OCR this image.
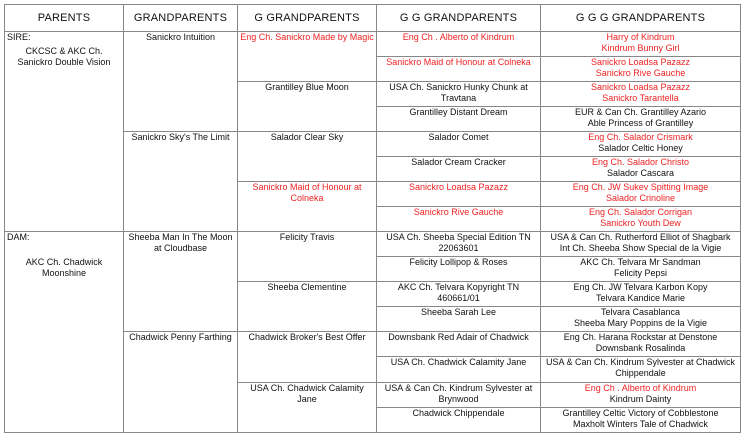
PARENTS	GRANDPARENTS	G GRANDPARENTS	G G GRANDPARENTS	G G G GRANDPARENTS

SIRE:
CKCSC & AKC Ch. Sanickro Double Vision	Sanickro Intuition	Eng Ch. Sanickro Made by Magic	Eng Ch . Alberto of Kindrum	Harry of Kindrum
Kindrum Bunny Girl

			Sanickro Maid of Honour at Colneka	Sanickro Loadsa Pazazz
Sanickro Rive Gauche

		Grantilley Blue Moon	USA Ch. Sanickro Hunky Chunk at Travtana	Sanickro Loadsa Pazazz
Sanickro Tarantella

			Grantilley Distant Dream	EUR & Can Ch. Grantilley Azario
Able Princess of Grantilley

	Sanickro Sky's The Limit	Salador Clear Sky	Salador Comet	Eng Ch. Salador Crismark
Salador Celtic Honey

			Salador Cream Cracker	Eng Ch. Salador Christo
Salador Cascara

		Sanickro Maid of Honour at Colneka	Sanickro Loadsa Pazazz	Eng Ch. JW Sukev Spitting Image
Salador Crinoline

			Sanickro Rive Gauche	Eng Ch. Salador Corrigan
Sanickro Youth Dew

DAM:
AKC Ch. Chadwick Moonshine	Sheeba Man In The Moon at Cloudbase	Felicity Travis	USA Ch. Sheeba Special Edition TN 22063601	USA & Can Ch. Rutherford Elliot of Shagbark
Int Ch. Sheeba Show Special de la Vigie

			Felicity Lollipop & Roses	AKC Ch. Telvara Mr Sandman
Felicity Pepsi

		Sheeba Clementine	AKC Ch. Telvara Kopyright TN 460661/01	Eng Ch. JW Telvara Karbon Kopy
Telvara Kandice Marie

			Sheeba Sarah Lee	Telvara Casablanca
Sheeba Mary Poppins de la Vigie

	Chadwick Penny Farthing	Chadwick Broker's Best Offer	Downsbank Red Adair of Chadwick	Eng Ch. Harana Rockstar at Denstone
Downsbank Rosalinda

			USA Ch. Chadwick Calamity Jane	USA & Can Ch. Kindrum Sylvester at Chadwick Chippendale

		USA Ch. Chadwick Calamity Jane	USA & Can Ch. Kindrum Sylvester at Brynwood	Eng Ch . Alberto of Kindrum
Kindrum Dainty

			Chadwick Chippendale	Grantilley Celtic Victory of Cobblestone
Maxholt Winters Tale of Chadwick
